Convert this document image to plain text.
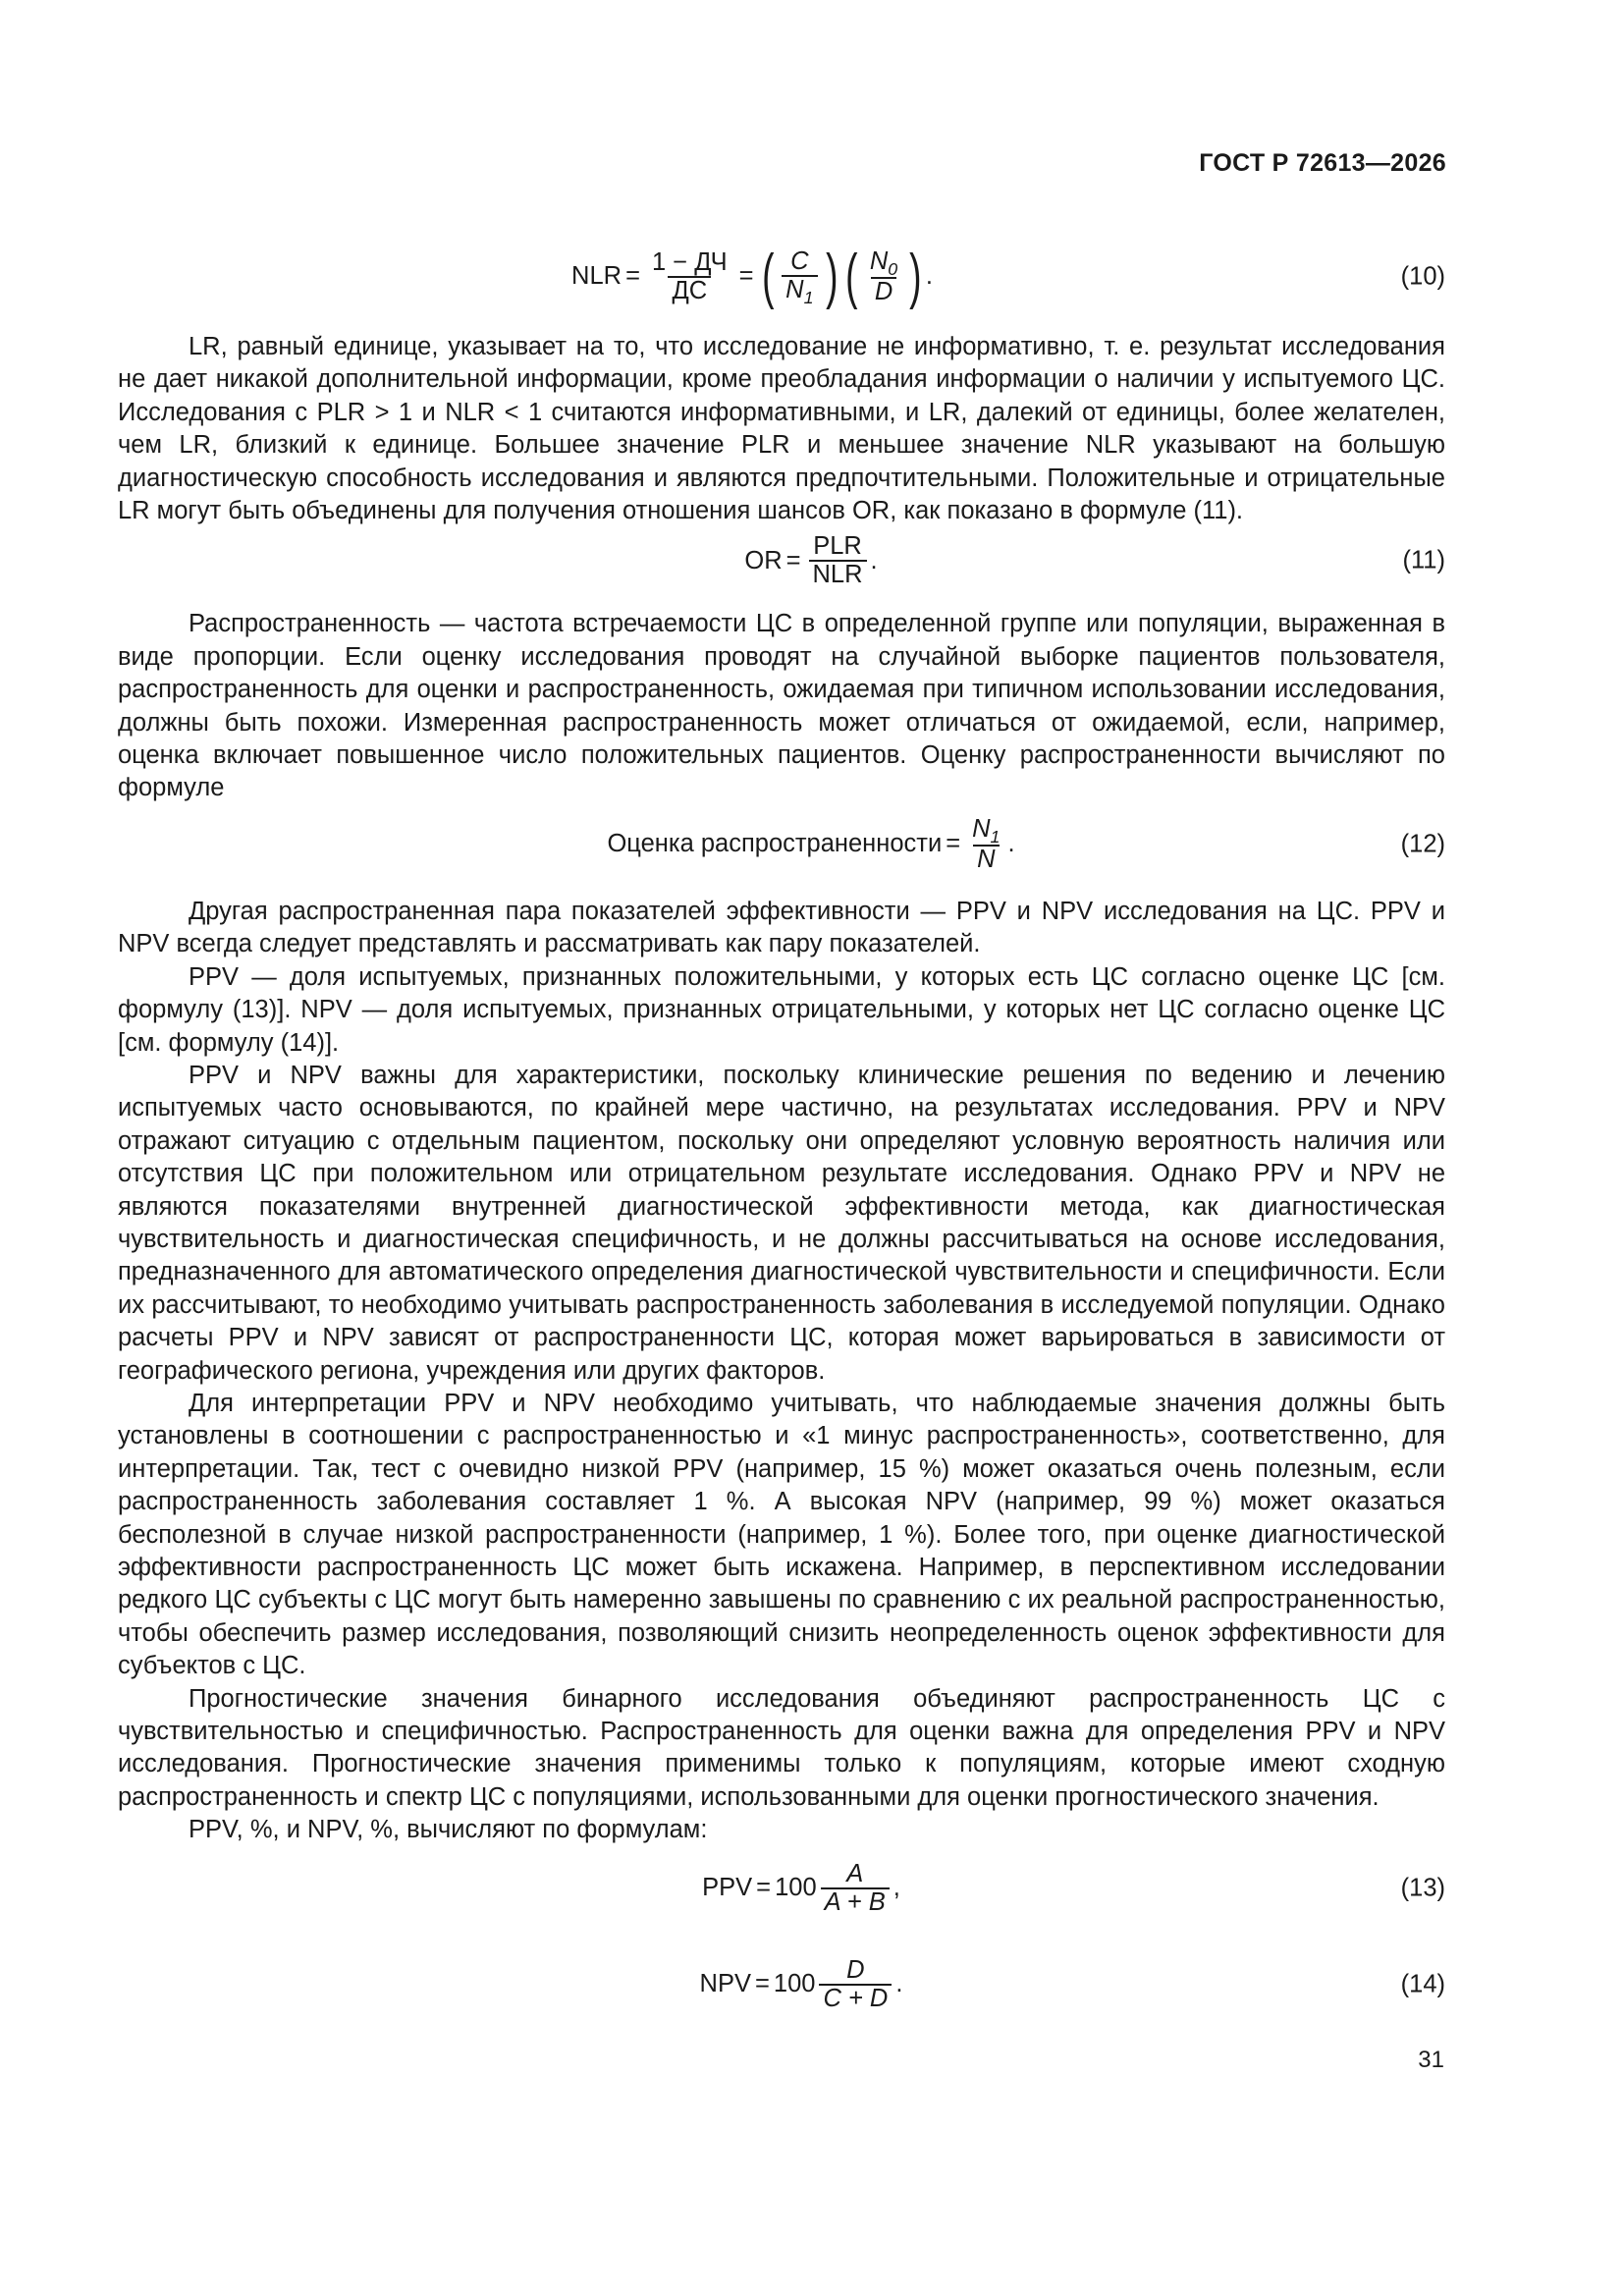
ГОСТ Р 72613—2026
NLR = $\frac{1 - ДЧ}{ДС}$ = ( $\frac{C}{N_1}$ ) ( $\frac{N_0}{D}$ ) .	(10)

LR, равный единице, указывает на то, что исследование не информативно, т. е. результат исследования не дает никакой дополнительной информации, кроме преобладания информации о наличии у испытуемого ЦС. Исследования с PLR > 1 и NLR < 1 считаются информативными, и LR, далекий от единицы, более желателен, чем LR, близкий к единице. Большее значение PLR и меньшее значение NLR указывают на большую диагностическую способность исследования и являются предпочтительными. Положительные и отрицательные LR могут быть объединены для получения отношения шансов OR, как показано в формуле (11).

OR = $\frac{\text{PLR}}{\text{NLR}}$ .	(11)

Распространенность — частота встречаемости ЦС в определенной группе или популяции, выраженная в виде пропорции. Если оценку исследования проводят на случайной выборке пациентов пользователя, распространенность для оценки и распространенность, ожидаемая при типичном использовании исследования, должны быть похожи. Измеренная распространенность может отличаться от ожидаемой, если, например, оценка включает повышенное число положительных пациентов. Оценку распространенности вычисляют по формуле

Оценка распространенности = $\frac{N_1}{N}$ .	(12)

Другая распространенная пара показателей эффективности — PPV и NPV исследования на ЦС. PPV и NPV всегда следует представлять и рассматривать как пару показателей.

PPV — доля испытуемых, признанных положительными, у которых есть ЦС согласно оценке ЦС [см. формулу (13)]. NPV — доля испытуемых, признанных отрицательными, у которых нет ЦС согласно оценке ЦС [см. формулу (14)].

PPV и NPV важны для характеристики, поскольку клинические решения по ведению и лечению испытуемых часто основываются, по крайней мере частично, на результатах исследования. PPV и NPV отражают ситуацию с отдельным пациентом, поскольку они определяют условную вероятность наличия или отсутствия ЦС при положительном или отрицательном результате исследования. Однако PPV и NPV не являются показателями внутренней диагностической эффективности метода, как диагностическая чувствительность и диагностическая специфичность, и не должны рассчитываться на основе исследования, предназначенного для автоматического определения диагностической чувствительности и специфичности. Если их рассчитывают, то необходимо учитывать распространенность заболевания в исследуемой популяции. Однако расчеты PPV и NPV зависят от распространенности ЦС, которая может варьироваться в зависимости от географического региона, учреждения или других факторов.

Для интерпретации PPV и NPV необходимо учитывать, что наблюдаемые значения должны быть установлены в соотношении с распространенностью и «1 минус распространенность», соответственно, для интерпретации. Так, тест с очевидно низкой PPV (например, 15 %) может оказаться очень полезным, если распространенность заболевания составляет 1 %. А высокая NPV (например, 99 %) может оказаться бесполезной в случае низкой распространенности (например, 1 %). Более того, при оценке диагностической эффективности распространенность ЦС может быть искажена. Например, в перспективном исследовании редкого ЦС субъекты с ЦС могут быть намеренно завышены по сравнению с их реальной распространенностью, чтобы обеспечить размер исследования, позволяющий снизить неопределенность оценок эффективности для субъектов с ЦС.

Прогностические значения бинарного исследования объединяют распространенность ЦС с чувствительностью и специфичностью. Распространенность для оценки важна для определения PPV и NPV исследования. Прогностические значения применимы только к популяциям, которые имеют сходную распространенность и спектр ЦС с популяциями, использованными для оценки прогностического значения.

PPV, %, и NPV, %, вычисляют по формулам:

PPV = $100 \frac{A}{A + B}$ ,	(13)
NPV = $100 \frac{D}{C + D}$ .	(14)
31
